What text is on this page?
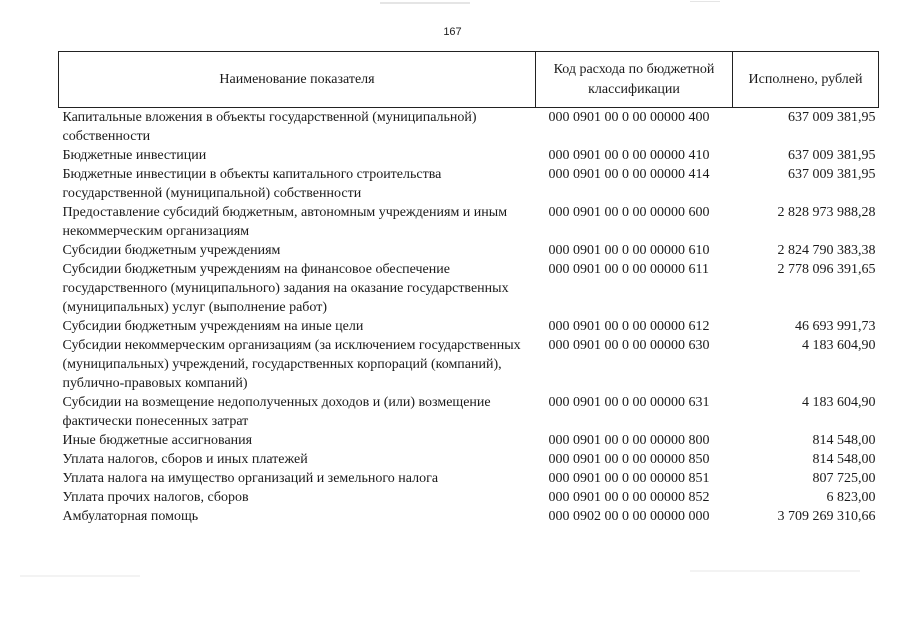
167
Наименование показателя	Код расхода по бюджетной классификации	Исполнено, рублей
Капитальные вложения в объекты государственной (муниципальной) собственности	000 0901 00 0 00 00000 400	637 009 381,95
Бюджетные инвестиции	000 0901 00 0 00 00000 410	637 009 381,95
Бюджетные инвестиции в объекты капитального строительства государственной (муниципальной) собственности	000 0901 00 0 00 00000 414	637 009 381,95
Предоставление субсидий бюджетным, автономным учреждениям и иным некоммерческим организациям	000 0901 00 0 00 00000 600	2 828 973 988,28
Субсидии бюджетным учреждениям	000 0901 00 0 00 00000 610	2 824 790 383,38
Субсидии бюджетным учреждениям на финансовое обеспечение государственного (муниципального) задания на оказание государственных (муниципальных) услуг (выполнение работ)	000 0901 00 0 00 00000 611	2 778 096 391,65
Субсидии бюджетным учреждениям на иные цели	000 0901 00 0 00 00000 612	46 693 991,73
Субсидии некоммерческим организациям (за исключением государственных (муниципальных) учреждений, государственных корпораций (компаний), публично-правовых компаний)	000 0901 00 0 00 00000 630	4 183 604,90
Субсидии на возмещение недополученных доходов и (или) возмещение фактически понесенных затрат	000 0901 00 0 00 00000 631	4 183 604,90
Иные бюджетные ассигнования	000 0901 00 0 00 00000 800	814 548,00
Уплата налогов, сборов и иных платежей	000 0901 00 0 00 00000 850	814 548,00
Уплата налога на имущество организаций и земельного налога	000 0901 00 0 00 00000 851	807 725,00
Уплата прочих налогов, сборов	000 0901 00 0 00 00000 852	6 823,00
Амбулаторная помощь	000 0902 00 0 00 00000 000	3 709 269 310,66
